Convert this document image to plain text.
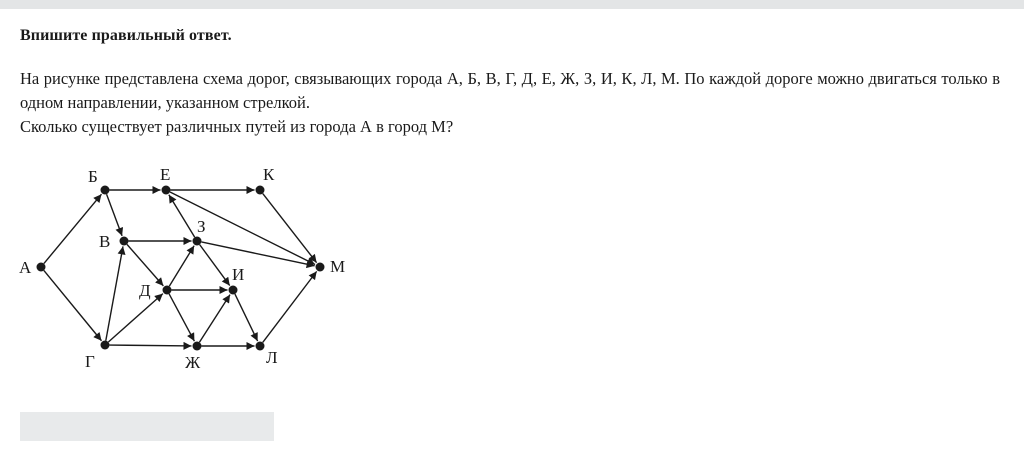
Впишите правильный ответ.

На рисунке представлена схема дорог, связывающих города А, Б, В, Г, Д, Е, Ж, З, И, К, Л, М. По каждой дороге можно двигаться только в одном направлении, указанном стрелкой.

Сколько существует различных путей из города А в город М?

А
Б
В
Г
Д
Е
Ж
З
И
К
Л
М
